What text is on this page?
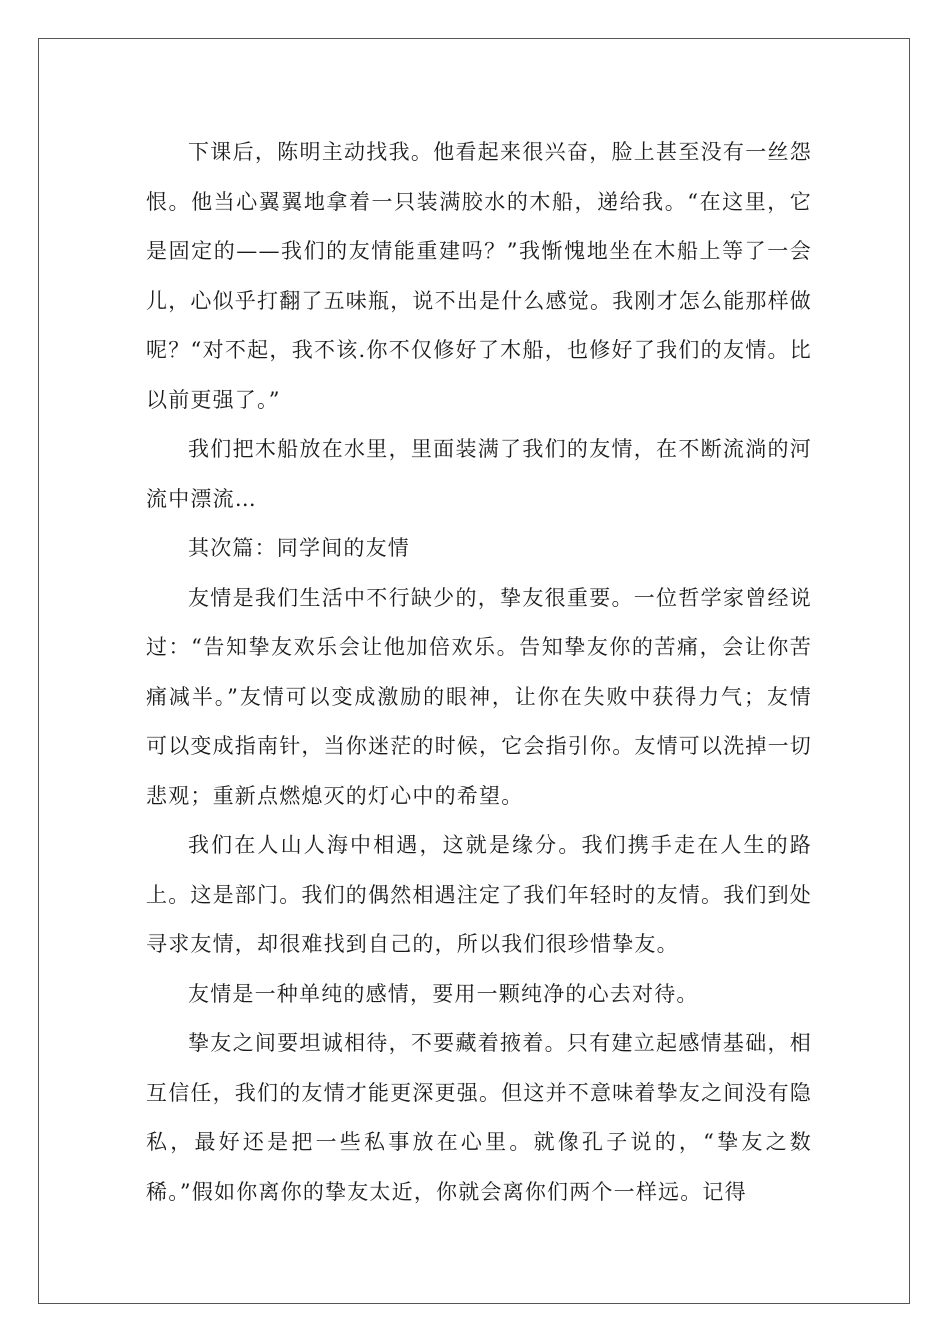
下课后，陈明主动找我。他看起来很兴奋，脸上甚至没有一丝怨恨。他当心翼翼地拿着一只装满胶水的木船，递给我。“在这里，它是固定的——我们的友情能重建吗？”我惭愧地坐在木船上等了一会儿，心似乎打翻了五味瓶，说不出是什么感觉。我刚才怎么能那样做呢？“对不起，我不该.你不仅修好了木船，也修好了我们的友情。比以前更强了。”

我们把木船放在水里，里面装满了我们的友情，在不断流淌的河流中漂流…

其次篇：同学间的友情

友情是我们生活中不行缺少的，挚友很重要。一位哲学家曾经说过：“告知挚友欢乐会让他加倍欢乐。告知挚友你的苦痛，会让你苦痛减半。”友情可以变成激励的眼神，让你在失败中获得力气；友情可以变成指南针，当你迷茫的时候，它会指引你。友情可以洗掉一切悲观；重新点燃熄灭的灯心中的希望。

我们在人山人海中相遇，这就是缘分。我们携手走在人生的路上。这是部门。我们的偶然相遇注定了我们年轻时的友情。我们到处寻求友情，却很难找到自己的，所以我们很珍惜挚友。

友情是一种单纯的感情，要用一颗纯净的心去对待。

挚友之间要坦诚相待，不要藏着掖着。只有建立起感情基础，相互信任，我们的友情才能更深更强。但这并不意味着挚友之间没有隐私，最好还是把一些私事放在心里。就像孔子说的，“挚友之数稀。”假如你离你的挚友太近，你就会离你们两个一样远。记得
